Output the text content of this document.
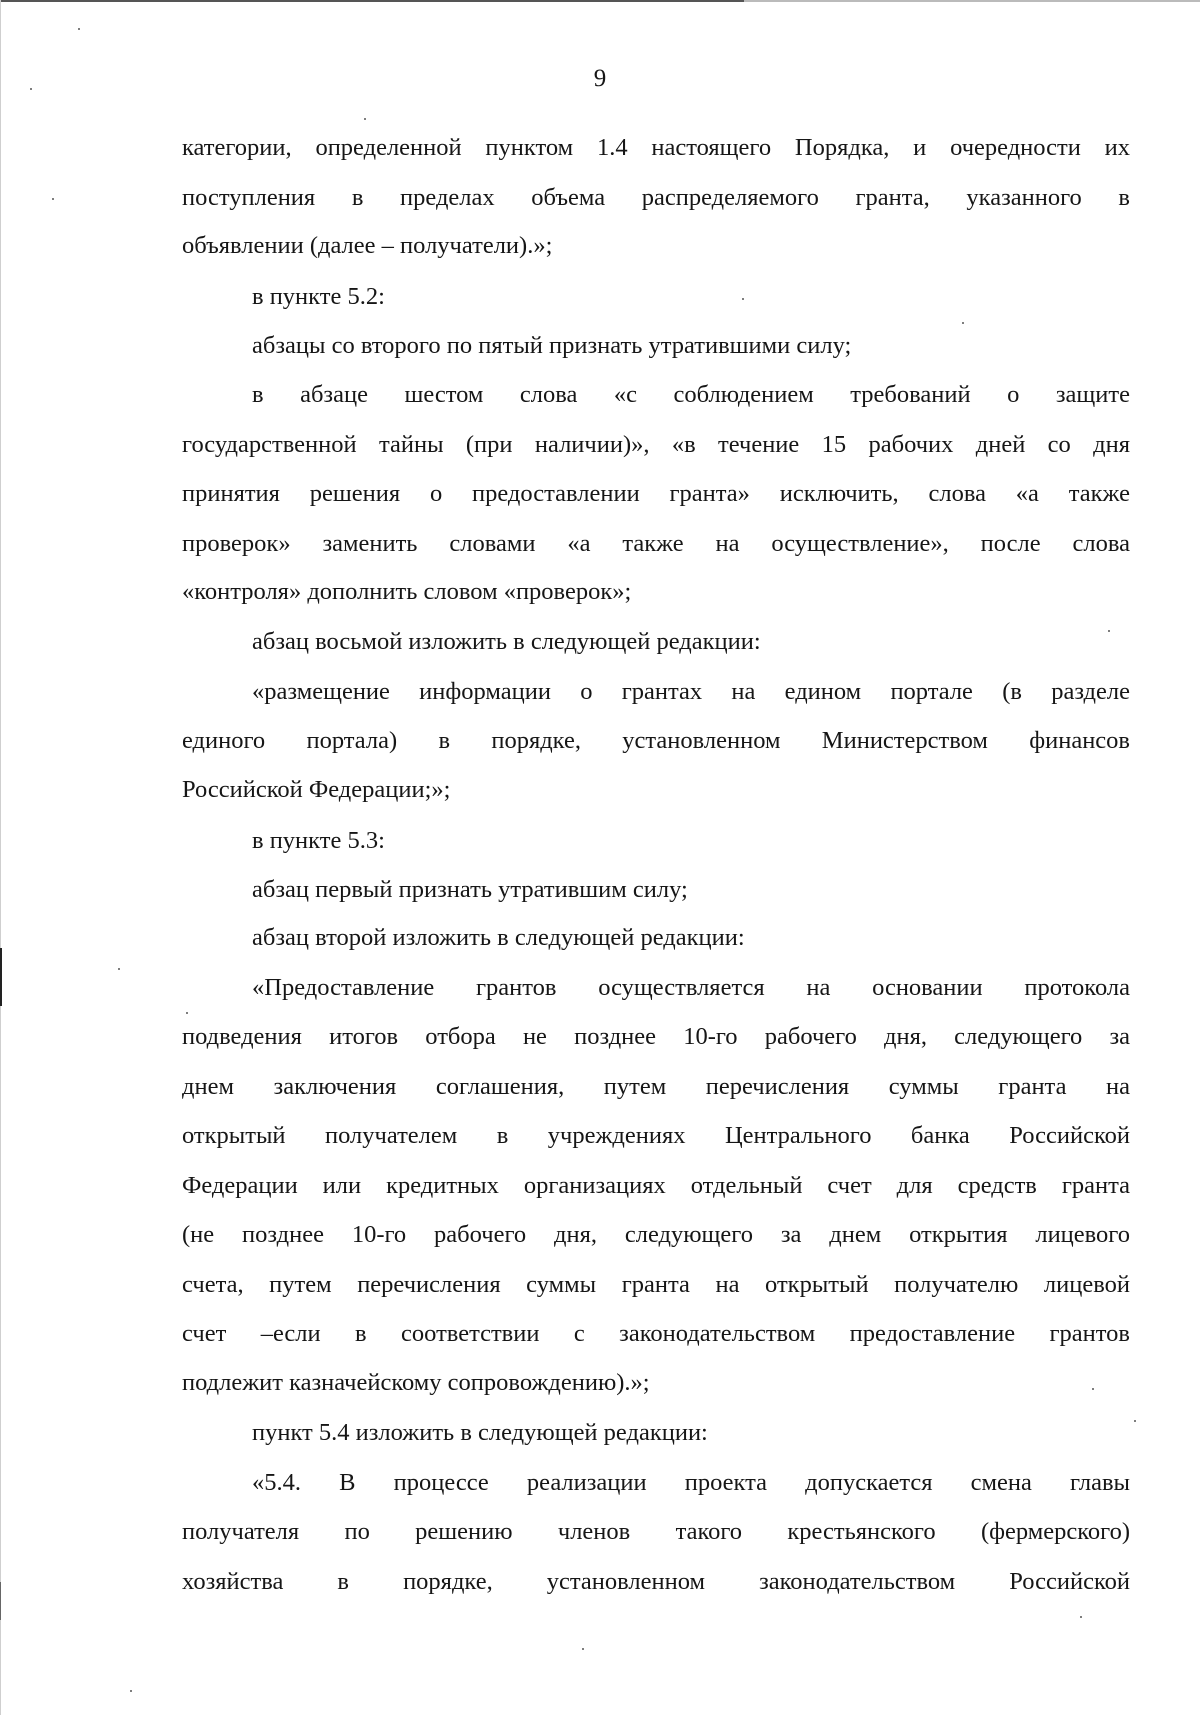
9
категории, определенной пунктом 1.4 настоящего Порядка, и очередности их
поступления в пределах объема распределяемого гранта, указанного в
объявлении (далее – получатели).»;
в пункте 5.2:
абзацы со второго по пятый признать утратившими силу;
в абзаце шестом слова «с соблюдением требований о защите
государственной тайны (при наличии)», «в течение 15 рабочих дней со дня
принятия решения о предоставлении гранта» исключить, слова «а также
проверок» заменить словами «а также на осуществление», после слова
«контроля» дополнить словом «проверок»;
абзац восьмой изложить в следующей редакции:
«размещение информации о грантах на едином портале (в разделе
единого портала) в порядке, установленном Министерством финансов
Российской Федерации;»;
в пункте 5.3:
абзац первый признать утратившим силу;
абзац второй изложить в следующей редакции:
«Предоставление грантов осуществляется на основании протокола
подведения итогов отбора не позднее 10-го рабочего дня, следующего за
днем заключения соглашения, путем перечисления суммы гранта на
открытый получателем в учреждениях Центрального банка Российской
Федерации или кредитных организациях отдельный счет для средств гранта
(не позднее 10-го рабочего дня, следующего за днем открытия лицевого
счета, путем перечисления суммы гранта на открытый получателю лицевой
счет –если в соответствии с законодательством предоставление грантов
подлежит казначейскому сопровождению).»;
пункт 5.4 изложить в следующей редакции:
«5.4. В процессе реализации проекта допускается смена главы
получателя по решению членов такого крестьянского (фермерского)
хозяйства в порядке, установленном законодательством Российской
